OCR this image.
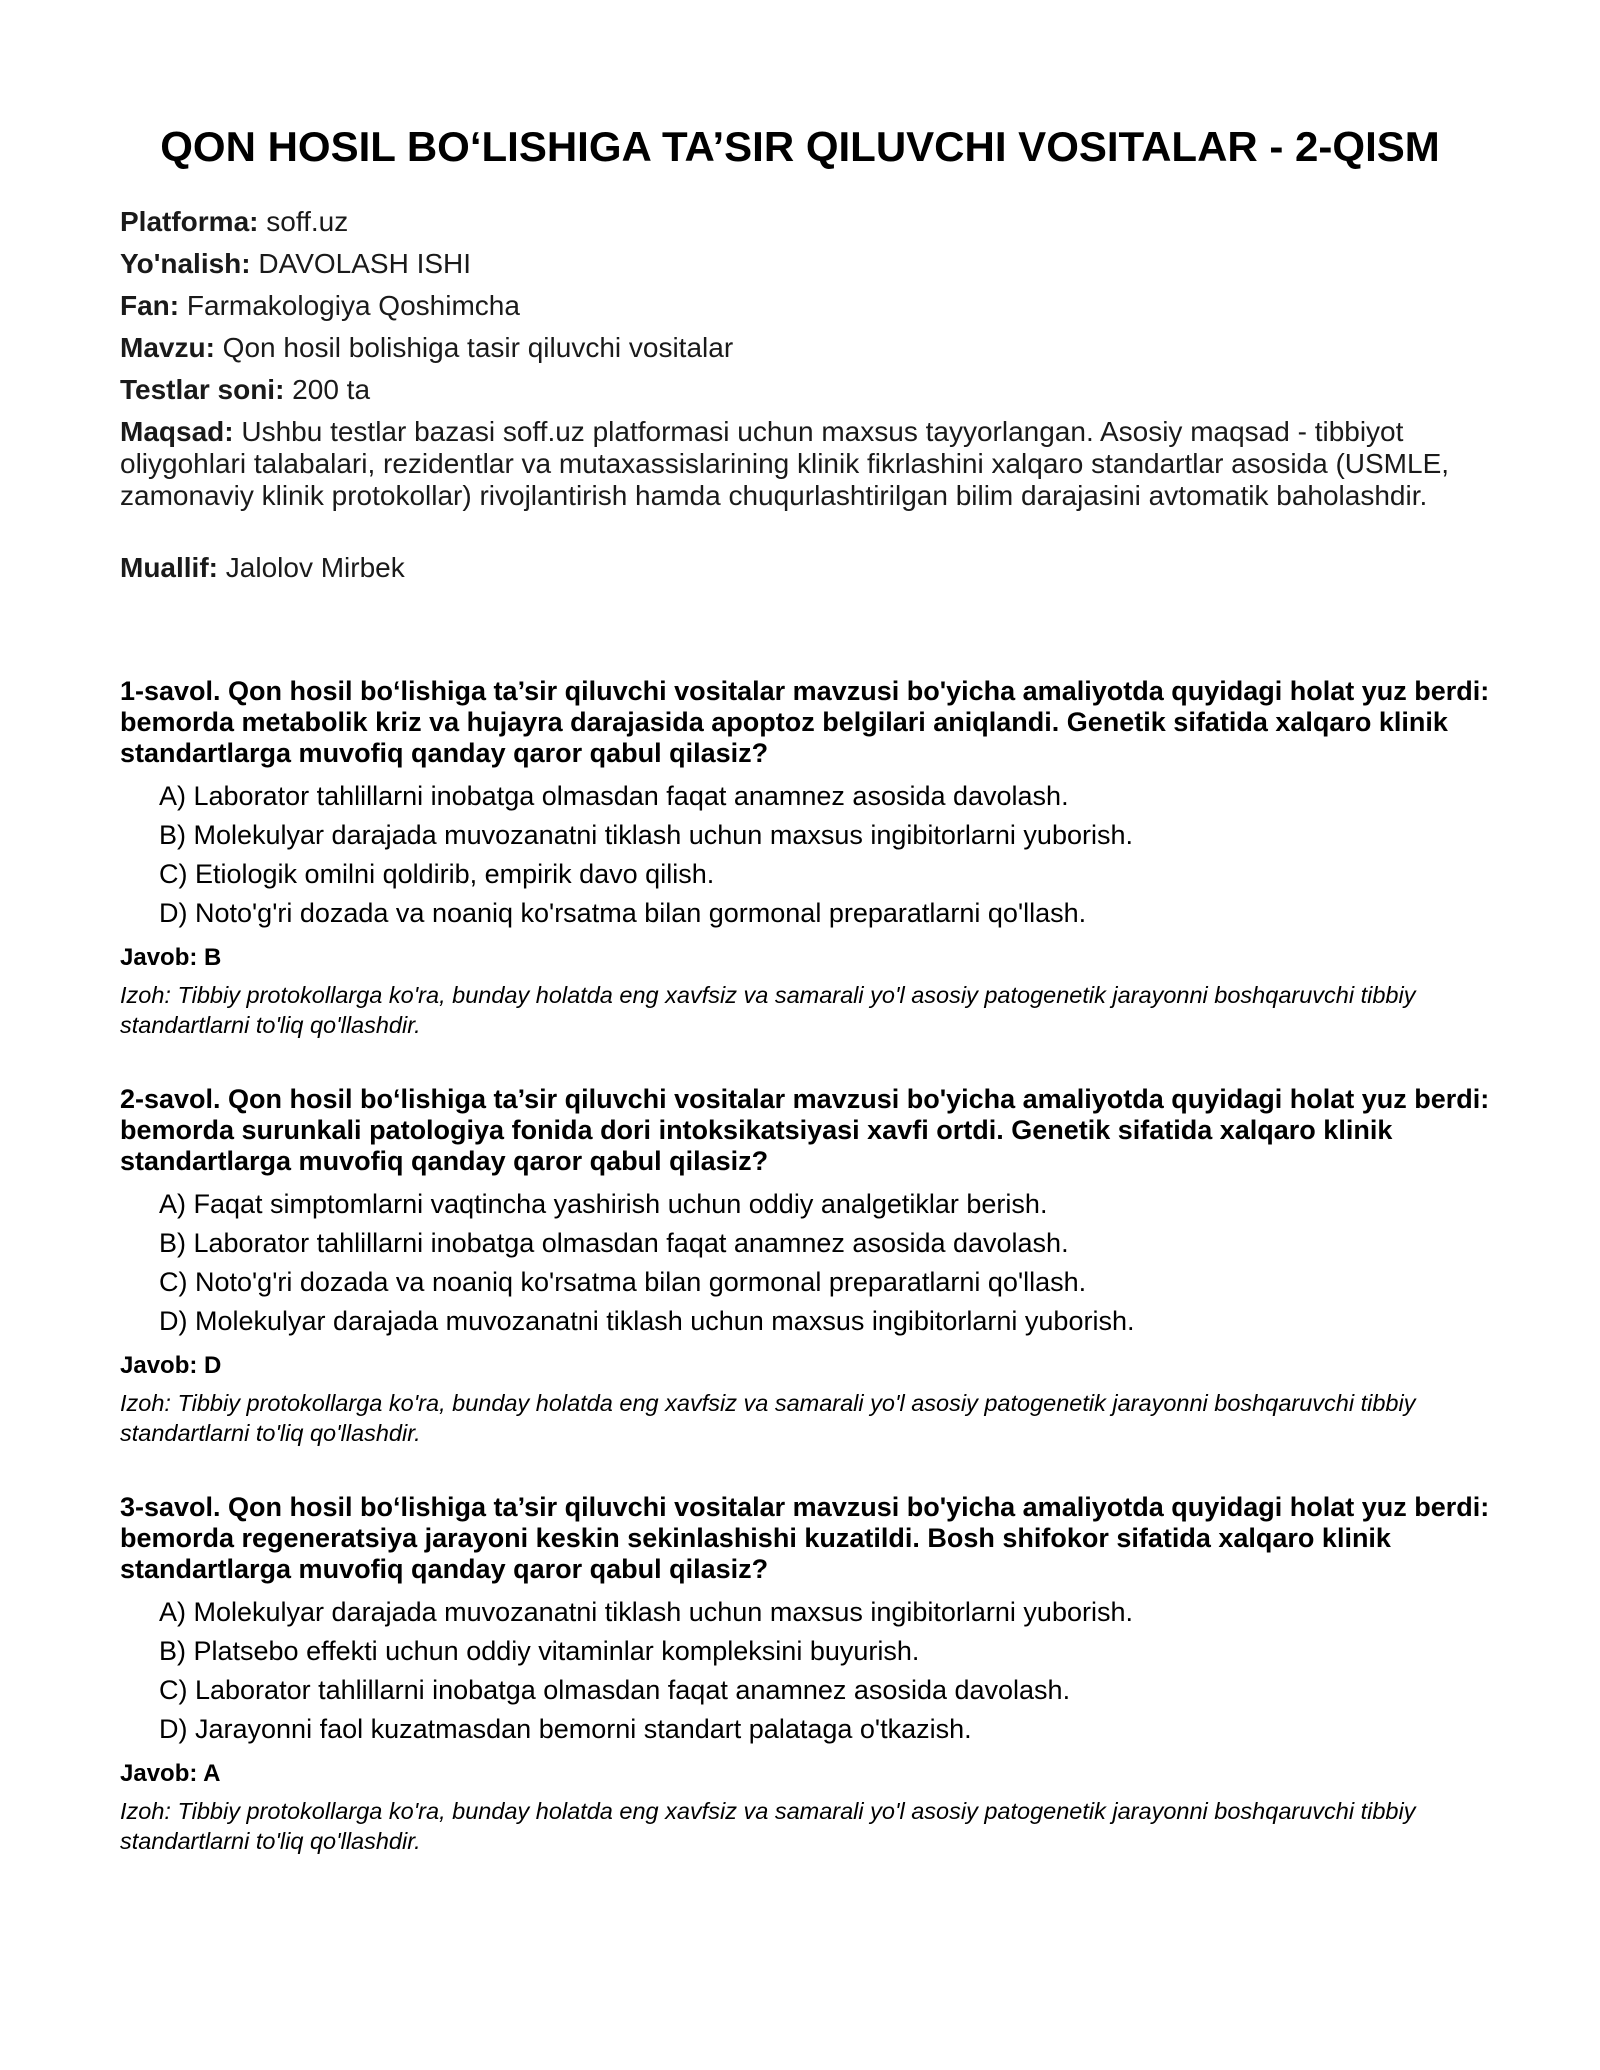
QON HOSIL BO‘LISHIGA TA’SIR QILUVCHI VOSITALAR - 2-QISM
Platforma: soff.uz
Yo'nalish: DAVOLASH ISHI
Fan: Farmakologiya Qoshimcha
Mavzu: Qon hosil bolishiga tasir qiluvchi vositalar
Testlar soni: 200 ta
Maqsad: Ushbu testlar bazasi soff.uz platformasi uchun maxsus tayyorlangan. Asosiy maqsad - tibbiyot oliygohlari talabalari, rezidentlar va mutaxassislarining klinik fikrlashini xalqaro standartlar asosida (USMLE, zamonaviy klinik protokollar) rivojlantirish hamda chuqurlashtirilgan bilim darajasini avtomatik baholashdir.
Muallif: Jalolov Mirbek
1-savol. Qon hosil bo‘lishiga ta’sir qiluvchi vositalar mavzusi bo'yicha amaliyotda quyidagi holat yuz berdi: bemorda metabolik kriz va hujayra darajasida apoptoz belgilari aniqlandi. Genetik sifatida xalqaro klinik standartlarga muvofiq qanday qaror qabul qilasiz?
A) Laborator tahlillarni inobatga olmasdan faqat anamnez asosida davolash.
B) Molekulyar darajada muvozanatni tiklash uchun maxsus ingibitorlarni yuborish.
C) Etiologik omilni qoldirib, empirik davo qilish.
D) Noto'g'ri dozada va noaniq ko'rsatma bilan gormonal preparatlarni qo'llash.
Javob: B
Izoh: Tibbiy protokollarga ko'ra, bunday holatda eng xavfsiz va samarali yo'l asosiy patogenetik jarayonni boshqaruvchi tibbiy standartlarni to'liq qo'llashdir.
2-savol. Qon hosil bo‘lishiga ta’sir qiluvchi vositalar mavzusi bo'yicha amaliyotda quyidagi holat yuz berdi: bemorda surunkali patologiya fonida dori intoksikatsiyasi xavfi ortdi. Genetik sifatida xalqaro klinik standartlarga muvofiq qanday qaror qabul qilasiz?
A) Faqat simptomlarni vaqtincha yashirish uchun oddiy analgetiklar berish.
B) Laborator tahlillarni inobatga olmasdan faqat anamnez asosida davolash.
C) Noto'g'ri dozada va noaniq ko'rsatma bilan gormonal preparatlarni qo'llash.
D) Molekulyar darajada muvozanatni tiklash uchun maxsus ingibitorlarni yuborish.
Javob: D
Izoh: Tibbiy protokollarga ko'ra, bunday holatda eng xavfsiz va samarali yo'l asosiy patogenetik jarayonni boshqaruvchi tibbiy standartlarni to'liq qo'llashdir.
3-savol. Qon hosil bo‘lishiga ta’sir qiluvchi vositalar mavzusi bo'yicha amaliyotda quyidagi holat yuz berdi: bemorda regeneratsiya jarayoni keskin sekinlashishi kuzatildi. Bosh shifokor sifatida xalqaro klinik standartlarga muvofiq qanday qaror qabul qilasiz?
A) Molekulyar darajada muvozanatni tiklash uchun maxsus ingibitorlarni yuborish.
B) Platsebo effekti uchun oddiy vitaminlar kompleksini buyurish.
C) Laborator tahlillarni inobatga olmasdan faqat anamnez asosida davolash.
D) Jarayonni faol kuzatmasdan bemorni standart palataga o'tkazish.
Javob: A
Izoh: Tibbiy protokollarga ko'ra, bunday holatda eng xavfsiz va samarali yo'l asosiy patogenetik jarayonni boshqaruvchi tibbiy standartlarni to'liq qo'llashdir.
